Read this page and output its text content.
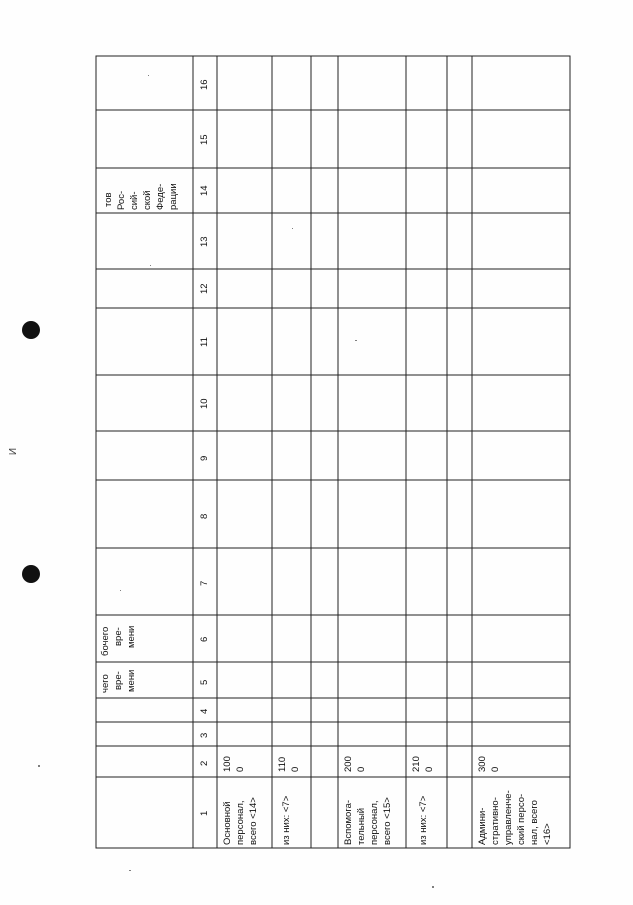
И
1
2
3
4
5
6
7
8
9
10
11
12
13
14
15
16
чего вре- мени
бочего вре- мени
тов Рос- сий- ской Феде- рации
Основной персонал, всего <14>
100 0
из них: <7>
110 0
Вспомога- тельный персонал, всего <15>
200 0
из них: <7>
210 0
Админи- стративно- управленче- ский персо- нал, всего <16>
300 0
